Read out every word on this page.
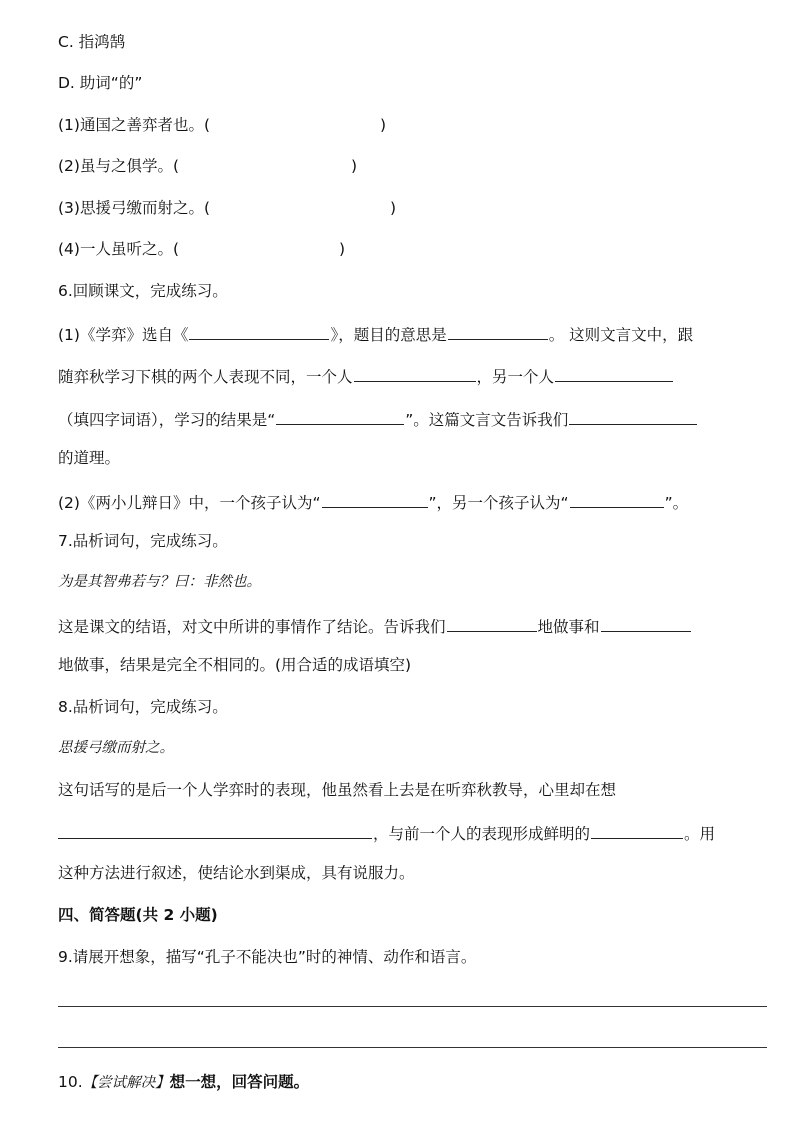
C. 指鸿鹄
D. 助词“的”
(1)通国之善弈者也。(	)
(2)虽与之俱学。(	)
(3)思援弓缴而射之。(	)
(4)一人虽听之。(	)
6.回顾课文，完成练习。
(1)《学弈》选自《	》，题目的意思是	。 这则文言文中，跟
随弈秋学习下棋的两个人表现不同，一个人	，另一个人
（填四字词语），学习的结果是“	”。这篇文言文告诉我们
的道理。
(2)《两小儿辩日》中，一个孩子认为“	”，另一个孩子认为“	”。
7.品析词句，完成练习。
为是其智弗若与？曰：非然也。
这是课文的结语，对文中所讲的事情作了结论。告诉我们	地做事和
地做事，结果是完全不相同的。(用合适的成语填空)
8.品析词句，完成练习。
思援弓缴而射之。
这句话写的是后一个人学弈时的表现，他虽然看上去是在听弈秋教导，心里却在想
，与前一个人的表现形成鲜明的	。用
这种方法进行叙述，使结论水到渠成，具有说服力。
四、简答题(共 2 小题)
9.请展开想象，描写“孔子不能决也”时的神情、动作和语言。
10.【尝试解决】想一想，回答问题。
